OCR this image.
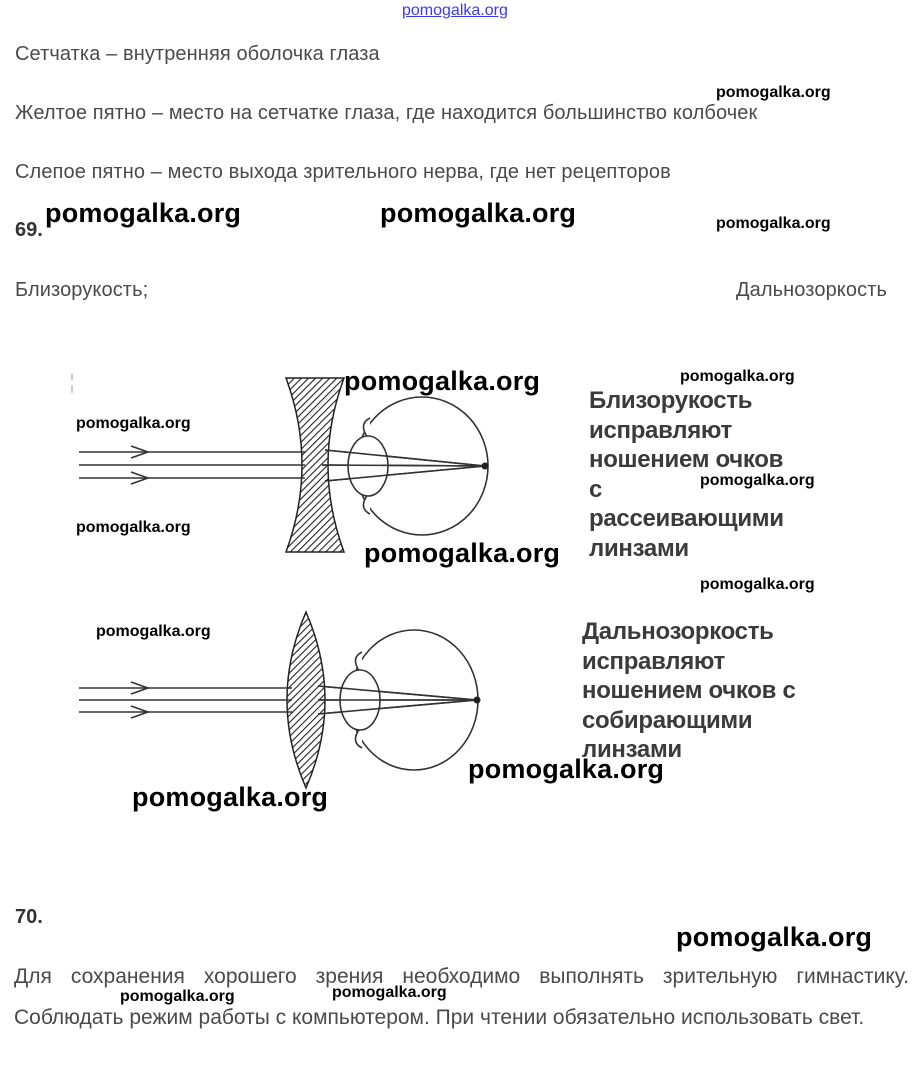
pomogalka.org
Сетчатка – внутренняя оболочка глаза
Желтое пятно – место на сетчатке глаза, где находится большинство колбочек
Слепое пятно – место выхода зрительного нерва, где нет рецепторов
69.
Близорукость;	Дальнозоркость
Близорукость
исправляют
ношением очков
с
рассеивающими
линзами
Дальнозоркость
исправляют
ношением очков с
собирающими
линзами
70.
Для сохранения хорошего зрения необходимо выполнять зрительную гимнастику. Соблюдать режим работы с компьютером. При чтении обязательно использовать свет.
pomogalka.org
pomogalka.org	pomogalka.org	pomogalka.org
pomogalka.org
pomogalka.org
pomogalka.org
pomogalka.org
pomogalka.org
pomogalka.org
pomogalka.org
pomogalka.org
pomogalka.org
pomogalka.org
pomogalka.org
pomogalka.org	pomogalka.org
